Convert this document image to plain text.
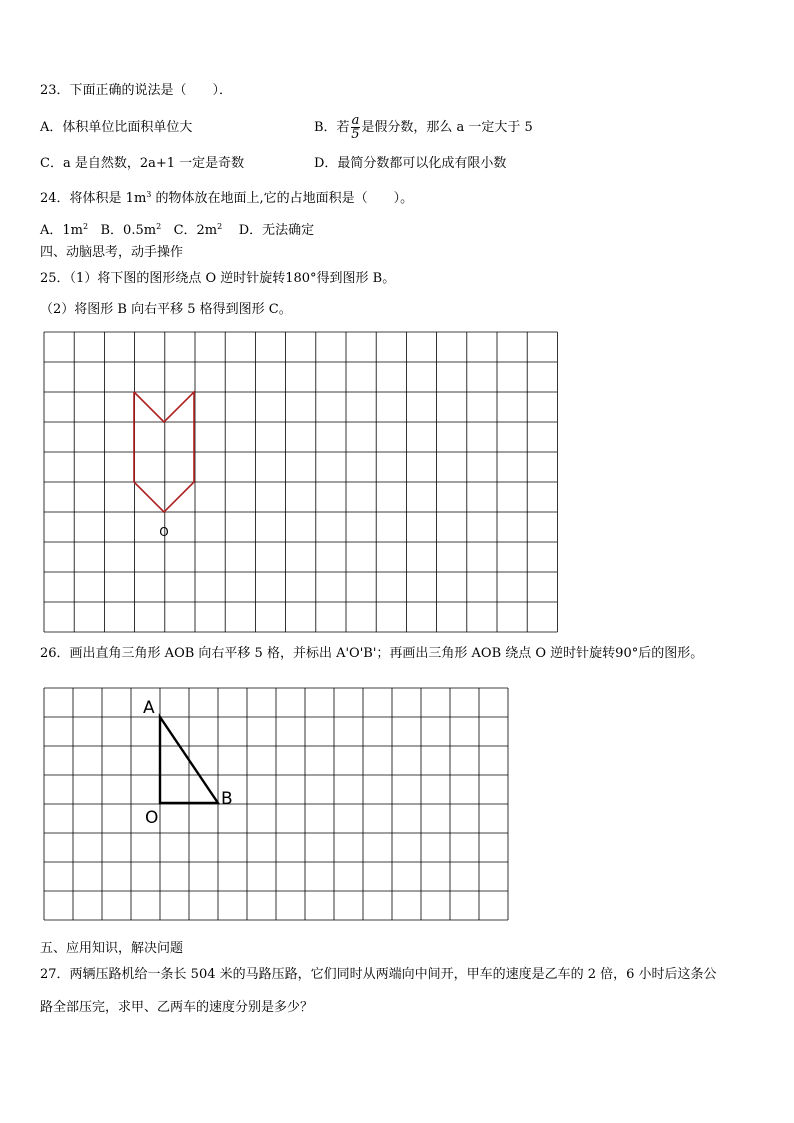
23．下面正确的说法是（　　）．
A．体积单位比面积单位大	B．若 $\frac{a}{5}$ 是假分数，那么 a 一定大于 5
C．a 是自然数，2a+1 一定是奇数	D．最简分数都可以化成有限小数
24．将体积是 $1m^3$ 的物体放在地面上,它的占地面积是（　　）。
A．$1m^2$ B．$0.5m^2$ C．$2m^2$ D．无法确定
四、动脑思考，动手操作
25．（1）将下图的图形绕点 O 逆时针旋转180°得到图形 B。
（2）将图形 B 向右平移 5 格得到图形 C。
O
26．画出直角三角形 AOB 向右平移 5 格，并标出 A'O'B'；再画出三角形 AOB 绕点 O 逆时针旋转90°后的图形。
A
B
O
五、应用知识，解决问题
27．两辆压路机给一条长 504 米的马路压路，它们同时从两端向中间开，甲车的速度是乙车的 2 倍，6 小时后这条公
路全部压完，求甲、乙两车的速度分别是多少？
